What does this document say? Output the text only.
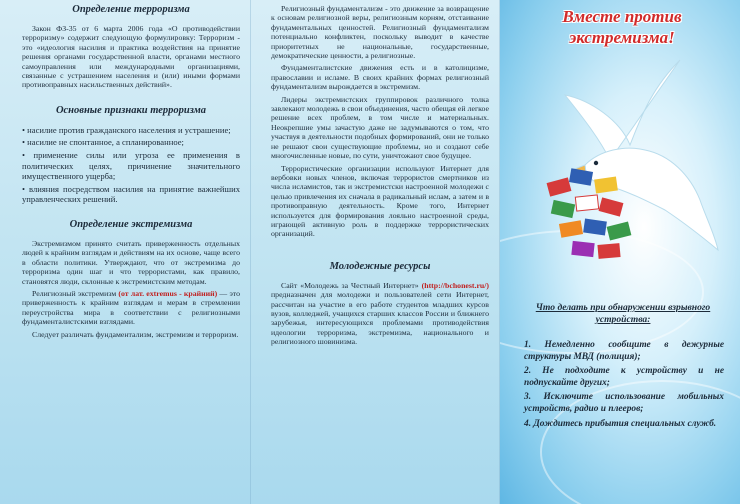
Определение терроризма

Закон ФЗ-35 от 6 марта 2006 года «О противодействии терроризму» содержит следующую формулировку: Терроризм - это «идеология насилия и практика воздействия на принятие решения органами государственной власти, органами местного самоуправления или международными организациями, связанные с устрашением населения и (или) иными формами противоправных насильственных действий».

Основные признаки терроризма

• насилие против гражданского населения и устрашение;

• насилие не спонтанное, а спланированное;

• применение силы или угроза ее применения в политических целях, причинение значительного имущественного ущерба;

• влияния посредством насилия на принятие важнейших управленческих решений.

Определение экстремизма

Экстремизмом принято считать приверженность отдельных людей к крайним взглядам и действиям на их основе, чаще всего в области политики. Утверждают, что от экстремизма до терроризма один шаг и что террористами, как правило, становятся люди, склонные к экстремистским методам.

Религиозный экстремизм (от лат. extremus - крайний) — это приверженность к крайним взглядам и мерам в стремлении переустройства мира в соответствии с религиозными фундаменталистскими взглядами.

Следует различать фундаментализм, экстремизм и терроризм.

Религиозный фундаментализм - это движение за возвращение к основам религиозной веры, религиозным корням, отстаивание фундаментальных ценностей. Религиозный фундаментализм потенциально конфликтен, поскольку выводит в качестве приоритетных не национальные, государственные, демократические ценности, а религиозные.

Фундаменталистские движения есть и в католицизме, православии и исламе. В своих крайних формах религиозный фундаментализм вырождается в экстремизм.

Лидеры экстремистских группировок различного толка завлекают молодежь в свои объединения, часто обещая ей легкое решение всех проблем, в том числе и материальных. Неокрепшие умы зачастую даже не задумываются о том, что участвуя в деятельности подобных формирований, они не только не решают свои существующие проблемы, но и создают себе многочисленные новые, по сути, уничтожают свое будущее.

Террористические организации используют Интернет для вербовки новых членов, включая террористов смертников из числа исламистов, так и экстремистски настроенной молодежи с целью привлечения их сначала в радикальный ислам, а затем и в противоправную деятельность. Кроме того, Интернет используется для формирования лояльно настроенной среды, играющей активную роль в поддержке террористических организаций.

Молодежные ресурсы

Сайт «Молодежь за Честный Интернет» (http://bchonest.ru/) предназначен для молодежи и пользователей сети Интернет, рассчитан на участие в его работе студентов младших курсов вузов, колледжей, учащихся старших классов России и ближнего зарубежья, интересующихся проблемами противодействия идеологии терроризма, экстремизма, национального и религиозного шовинизма.

Вместе против экстремизма!
Что делать при обнаружении взрывного устройства:

1. Немедленно сообщите в дежурные структуры МВД (полиция);

2. Не подходите к устройству и не подпускайте других;

3. Исключите использование мобильных устройств, радио и плееров;

4. Дождитесь прибытия специальных служб.
